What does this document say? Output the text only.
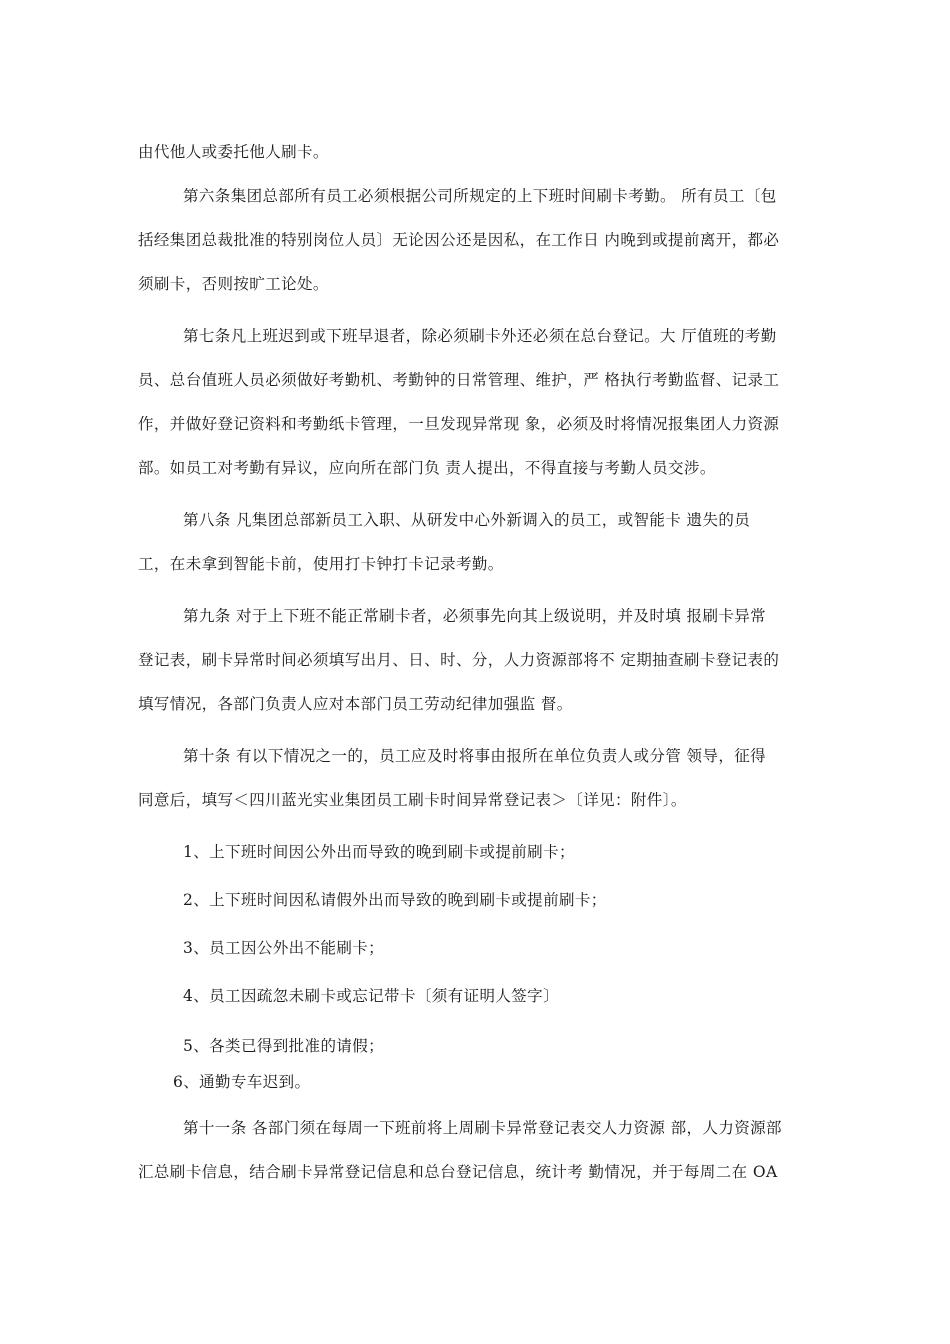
由代他人或委托他人刷卡。
第六条集团总部所有员工必须根据公司所规定的上下班时间刷卡考勤。 所有员工〔包
括经集团总裁批准的特别岗位人员〕无论因公还是因私，在工作日 内晚到或提前离开，都必
须刷卡，否则按旷工论处。
第七条凡上班迟到或下班早退者，除必须刷卡外还必须在总台登记。大 厅值班的考勤
员、总台值班人员必须做好考勤机、考勤钟的日常管理、维护，严 格执行考勤监督、记录工
作，并做好登记资料和考勤纸卡管理，一旦发现异常现 象，必须及时将情况报集团人力资源
部。如员工对考勤有异议，应向所在部门负 责人提出，不得直接与考勤人员交涉。
第八条 凡集团总部新员工入职、从研发中心外新调入的员工，或智能卡 遗失的员
工，在未拿到智能卡前，使用打卡钟打卡记录考勤。
第九条 对于上下班不能正常刷卡者，必须事先向其上级说明，并及时填 报刷卡异常
登记表，刷卡异常时间必须填写出月、日、时、分，人力资源部将不 定期抽查刷卡登记表的
填写情况，各部门负责人应对本部门员工劳动纪律加强监 督。
第十条 有以下情况之一的，员工应及时将事由报所在单位负责人或分管 领导，征得
同意后，填写＜四川蓝光实业集团员工刷卡时间异常登记表＞〔详见：附件〕。
1、上下班时间因公外出而导致的晚到刷卡或提前刷卡；
2、上下班时间因私请假外出而导致的晚到刷卡或提前刷卡；
3、员工因公外出不能刷卡；
4、员工因疏忽未刷卡或忘记带卡〔须有证明人签字〕
5、各类已得到批准的请假；
6、通勤专车迟到。
第十一条 各部门须在每周一下班前将上周刷卡异常登记表交人力资源 部，人力资源部
汇总刷卡信息，结合刷卡异常登记信息和总台登记信息，统计考 勤情况，并于每周二在 OA
